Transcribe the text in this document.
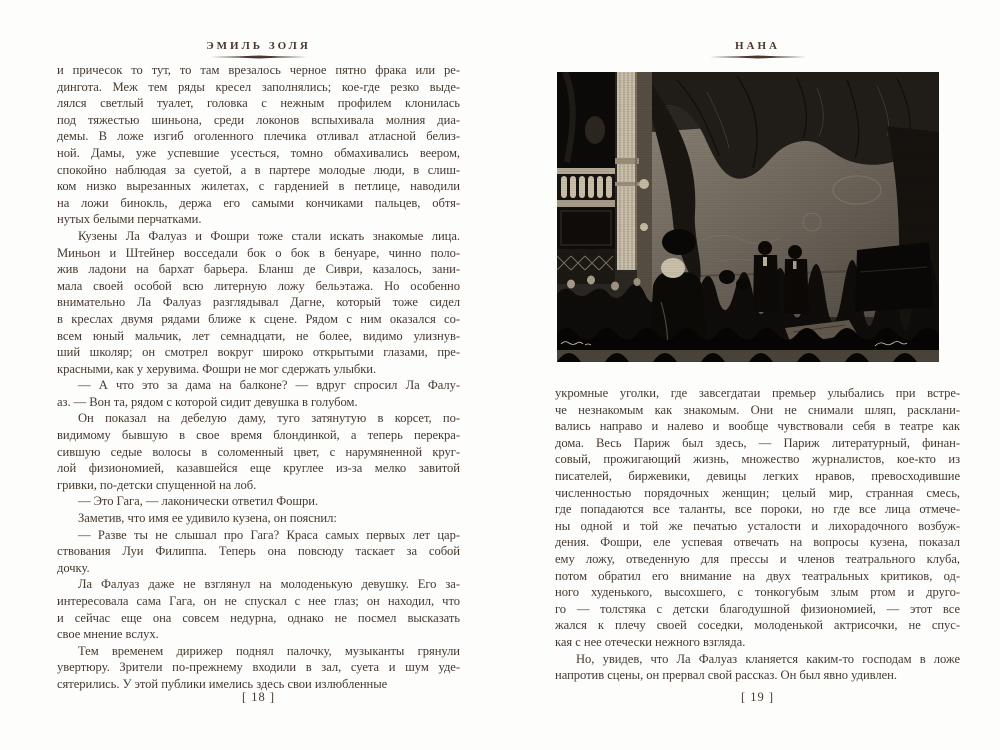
ЭМИЛЬ ЗОЛЯ
и причесок то тут, то там врезалось черное пятно фрака или ре-
дингота. Меж тем ряды кресел заполнялись; кое-где резко выде-
лялся светлый туалет, головка с нежным профилем клонилась
под тяжестью шиньона, среди локонов вспыхивала молния диа-
демы. В ложе изгиб оголенного плечика отливал атласной белиз-
ной. Дамы, уже успевшие усесться, томно обмахивались веером,
спокойно наблюдая за суетой, а в партере молодые люди, в слиш-
ком низко вырезанных жилетах, с гарденией в петлице, наводили
на ложи бинокль, держа его самыми кончиками пальцев, обтя-
нутых белыми перчатками.
Кузены Ла Фалуаз и Фошри тоже стали искать знакомые лица.
Миньон и Штейнер восседали бок о бок в бенуаре, чинно поло-
жив ладони на бархат барьера. Бланш де Сиври, казалось, зани-
мала своей особой всю литерную ложу бельэтажа. Но особенно
внимательно Ла Фалуаз разглядывал Дагне, который тоже сидел
в креслах двумя рядами ближе к сцене. Рядом с ним оказался со-
всем юный мальчик, лет семнадцати, не более, видимо улизнув-
ший школяр; он смотрел вокруг широко открытыми глазами, пре-
красными, как у херувима. Фошри не мог сдержать улыбки.
— А что это за дама на балконе? — вдруг спросил Ла Фалу-
аз. — Вон та, рядом с которой сидит девушка в голубом.
Он показал на дебелую даму, туго затянутую в корсет, по-
видимому бывшую в свое время блондинкой, а теперь перекра-
сившую седые волосы в соломенный цвет, с нарумяненной круг-
лой физиономией, казавшейся еще круглее из-за мелко завитой
гривки, по-детски спущенной на лоб.
— Это Гага, — лаконически ответил Фошри.
Заметив, что имя ее удивило кузена, он пояснил:
— Разве ты не слышал про Гага? Краса самых первых лет цар-
ствования Луи Филиппа. Теперь она повсюду таскает за собой
дочку.
Ла Фалуаз даже не взглянул на молоденькую девушку. Его за-
интересовала сама Гага, он не спускал с нее глаз; он находил, что
и сейчас еще она совсем недурна, однако не посмел высказать
свое мнение вслух.
Тем временем дирижер поднял палочку, музыканты грянули
увертюру. Зрители по-прежнему входили в зал, суета и шум уде-
сятерились. У этой публики имелись здесь свои излюбленные
[ 18 ]
НАНА
укромные уголки, где завсегдатаи премьер улыбались при встре-
че незнакомым как знакомым. Они не снимали шляп, расклани-
вались направо и налево и вообще чувствовали себя в театре как
дома. Весь Париж был здесь, — Париж литературный, финан-
совый, прожигающий жизнь, множество журналистов, кое-кто из
писателей, биржевики, девицы легких нравов, превосходившие
численностью порядочных женщин; целый мир, странная смесь,
где попадаются все таланты, все пороки, но где все лица отмече-
ны одной и той же печатью усталости и лихорадочного возбуж-
дения. Фошри, еле успевая отвечать на вопросы кузена, показал
ему ложу, отведенную для прессы и членов театрального клуба,
потом обратил его внимание на двух театральных критиков, од-
ного худенького, высохшего, с тонкогубым злым ртом и друго-
го — толстяка с детски благодушной физиономией, — этот все
жался к плечу своей соседки, молоденькой актрисочки, не спус-
кая с нее отечески нежного взгляда.
Но, увидев, что Ла Фалуаз кланяется каким-то господам в ложе
напротив сцены, он прервал свой рассказ. Он был явно удивлен.
[ 19 ]
